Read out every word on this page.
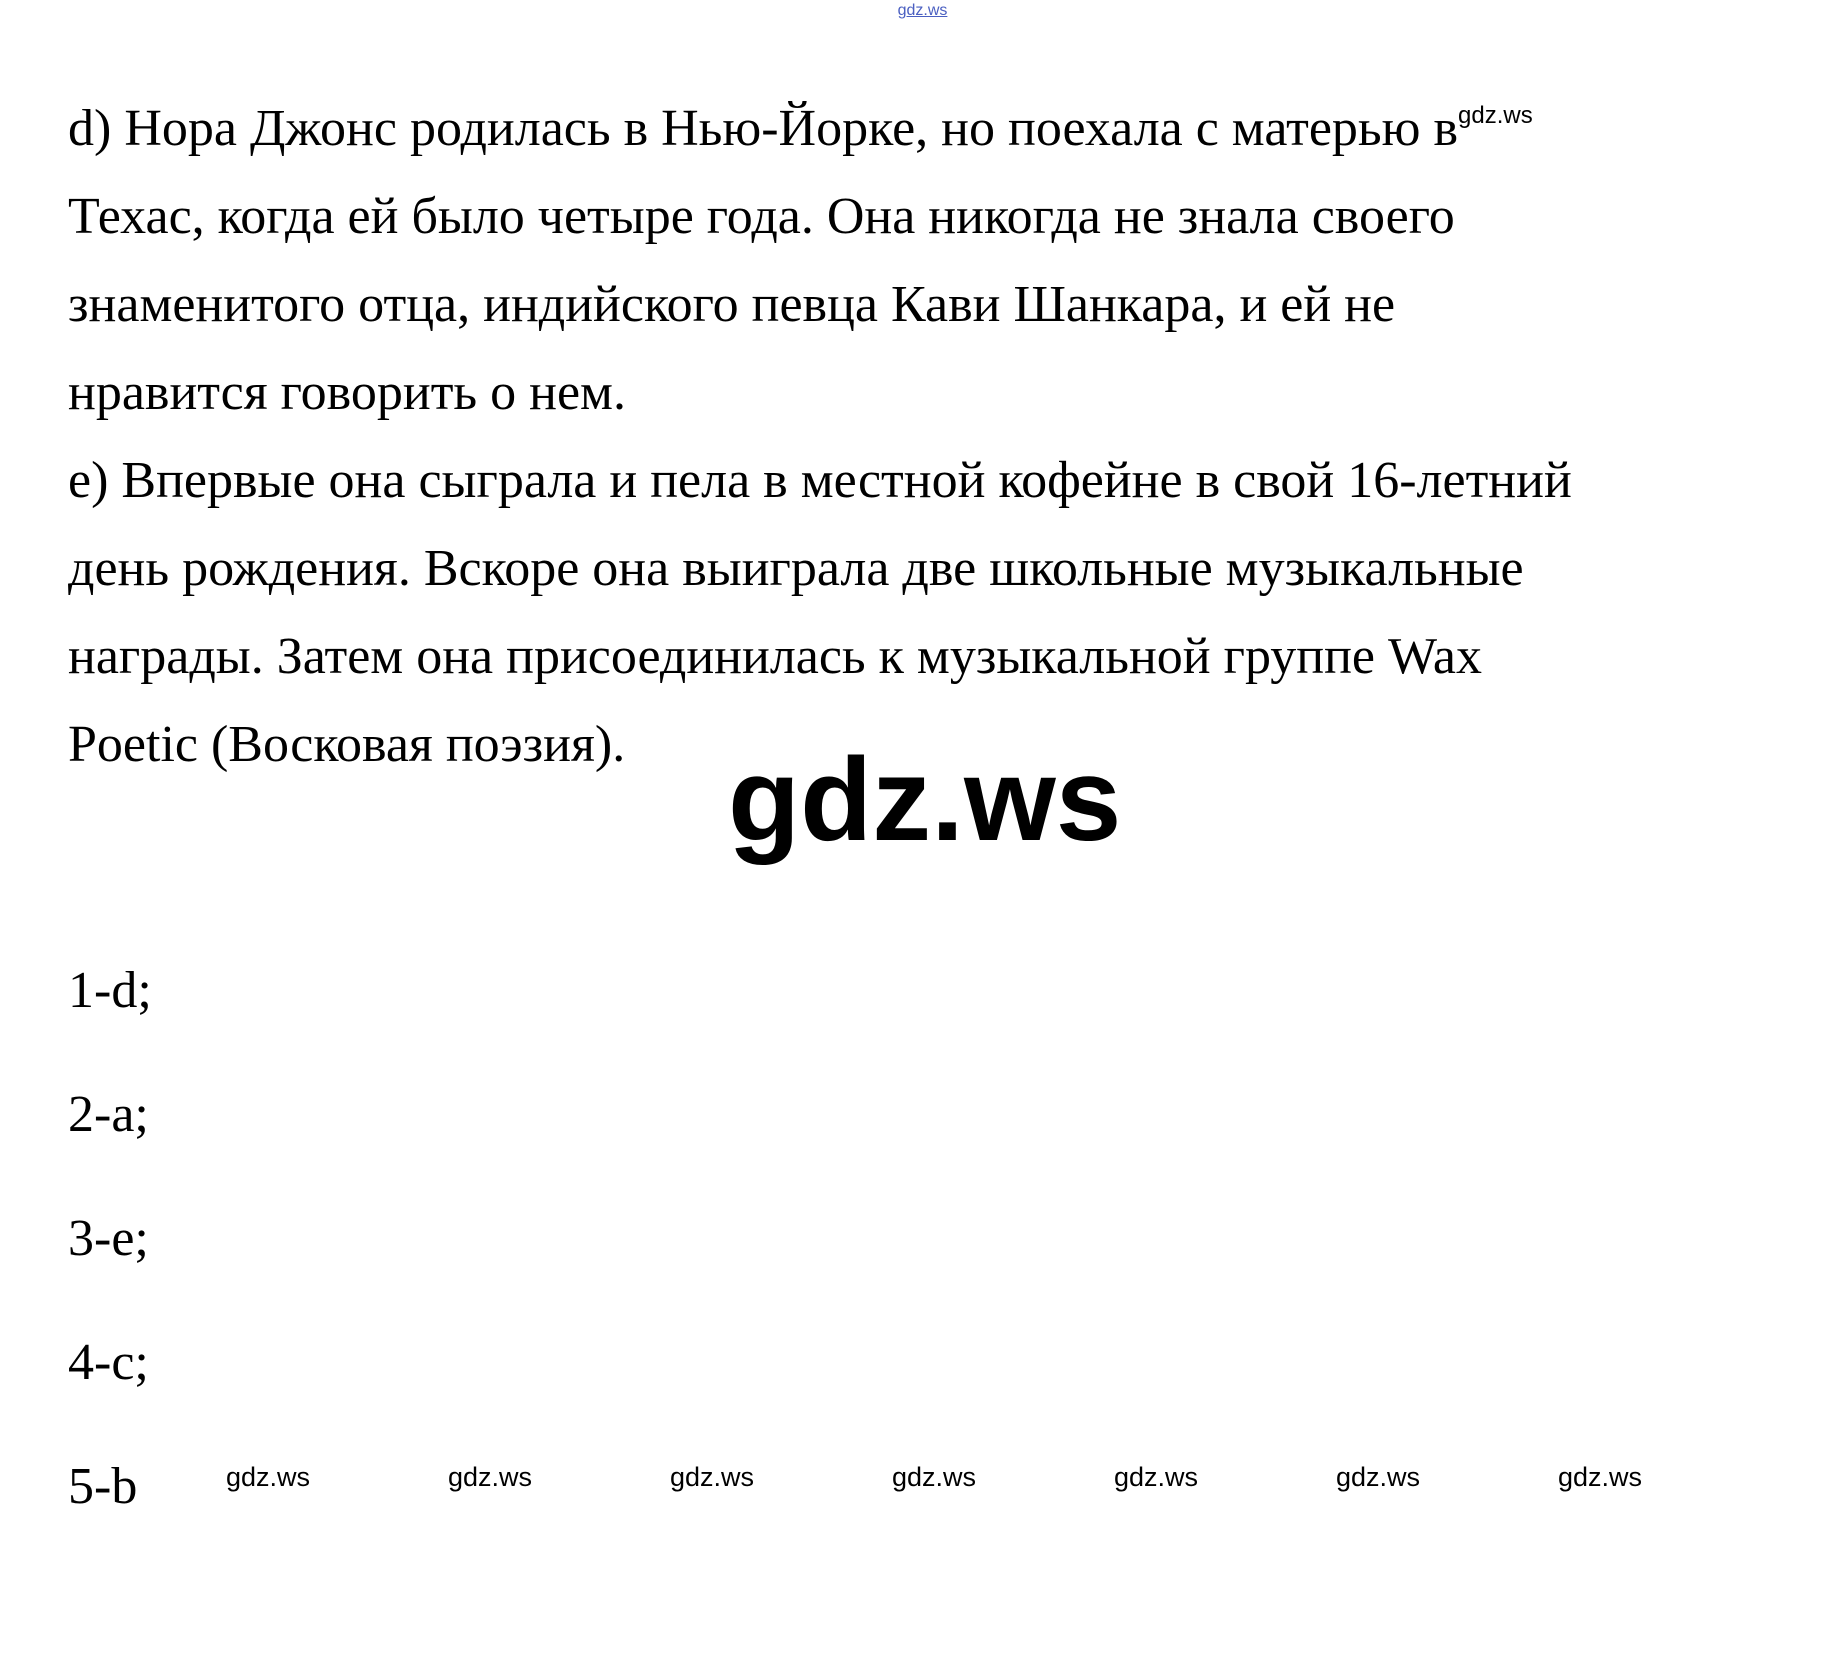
gdz.ws

d) Нора Джонс родилась в Нью-Йорке, но поехала с матерью $в^{gdz.ws}$
Техас, когда ей было четыре года. Она никогда не знала своего
знаменитого отца, индийского певца Кави Шанкара, и ей не
нравится говорить о нем.

e) Впервые она сыграла и пела в местной кофейне в свой 16-летний
день рождения. Вскоре она выиграла две школьные музыкальные
награды. Затем она присоединилась к музыкальной группе Wax
Poetic (Восковая поэзия). gdz.ws
1-d;
2-a;
3-e;
4-c;
5-b	gdz.ws	gdz.ws	gdz.ws	gdz.ws	gdz.ws	gdz.ws	gdz.ws
